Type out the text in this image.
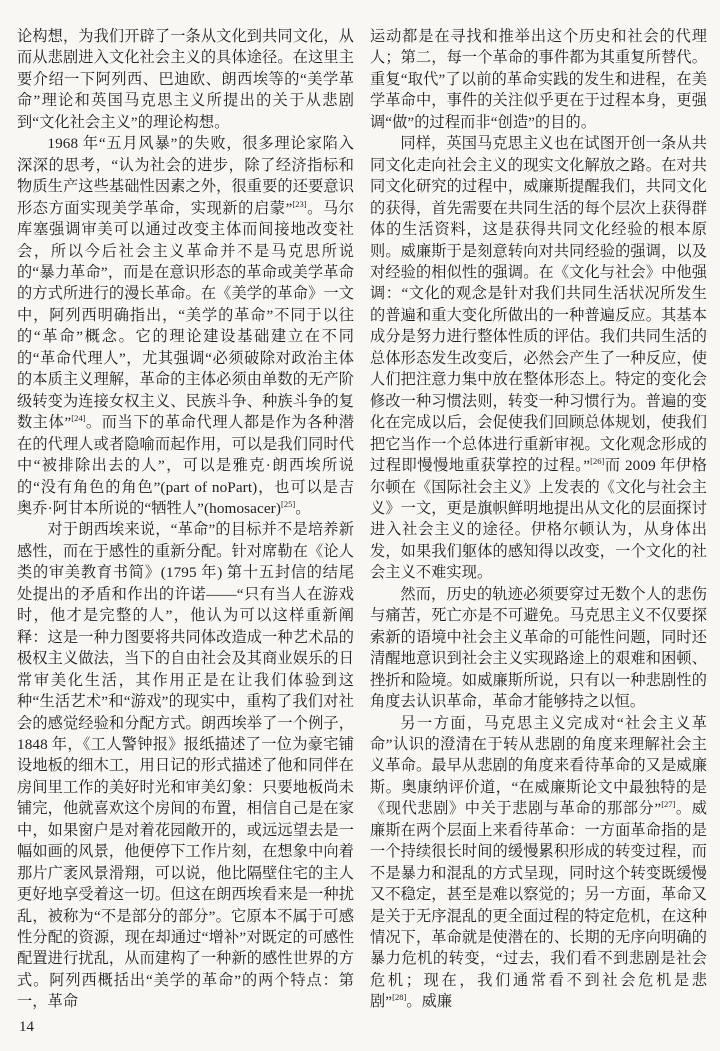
论构想，为我们开辟了一条从文化到共同文化，从而从悲剧进入文化社会主义的具体途径。在这里主要介绍一下阿列西、巴迪欧、朗西埃等的“美学革命”理论和英国马克思主义所提出的关于从悲剧到“文化社会主义”的理论构想。

1968 年“五月风暴”的失败，很多理论家陷入深深的思考，“认为社会的进步，除了经济指标和物质生产这些基础性因素之外，很重要的还要意识形态方面实现美学革命，实现新的启蒙”[23]。马尔库塞强调审美可以通过改变主体而间接地改变社会，所以今后社会主义革命并不是马克思所说的“暴力革命”，而是在意识形态的革命或美学革命的方式所进行的漫长革命。在《美学的革命》一文中，阿列西明确指出，“美学的革命”不同于以往的“革命”概念。它的理论建设基础建立在不同的“革命代理人”，尤其强调“必须破除对政治主体的本质主义理解，革命的主体必须由单数的无产阶级转变为连接女权主义、民族斗争、种族斗争的复数主体”[24]。而当下的革命代理人都是作为各种潜在的代理人或者隐喻而起作用，可以是我们同时代中“被排除出去的人”，可以是雅克·朗西埃所说的“没有角色的角色”(part of noPart)，也可以是吉奥乔·阿甘本所说的“牺牲人”(homosacer)[25]。

对于朗西埃来说，“革命”的目标并不是培养新感性，而在于感性的重新分配。针对席勒在《论人类的审美教育书简》(1795 年) 第十五封信的结尾处提出的矛盾和作出的许诺——“只有当人在游戏时，他才是完整的人”，他认为可以这样重新阐释：这是一种力图要将共同体改造成一种艺术品的极权主义做法，当下的自由社会及其商业娱乐的日常审美化生活，其作用正是在让我们体验到这种“生活艺术”和“游戏”的现实中，重构了我们对社会的感觉经验和分配方式。朗西埃举了一个例子，1848 年，《工人警钟报》报纸描述了一位为豪宅铺设地板的细木工，用日记的形式描述了他和同伴在房间里工作的美好时光和审美幻象：只要地板尚未铺完，他就喜欢这个房间的布置，相信自己是在家中，如果窗户是对着花园敞开的，或远远望去是一幅如画的风景，他便停下工作片刻，在想象中向着那片广袤风景滑翔，可以说，他比隔壁住宅的主人更好地享受着这一切。但这在朗西埃看来是一种扰乱，被称为“不是部分的部分”。它原本不属于可感性分配的资源，现在却通过“增补”对既定的可感性配置进行扰乱，从而建构了一种新的感性世界的方式。阿列西概括出“美学的革命”的两个特点：第一，革命

运动都是在寻找和推举出这个历史和社会的代理人；第二，每一个革命的事件都为其重复所替代。重复“取代”了以前的革命实践的发生和进程，在美学革命中，事件的关注似乎更在于过程本身，更强调“做”的过程而非“创造”的目的。

同样，英国马克思主义也在试图开创一条从共同文化走向社会主义的现实文化解放之路。在对共同文化研究的过程中，威廉斯提醒我们，共同文化的获得，首先需要在共同生活的每个层次上获得群体的生活资料，这是获得共同文化经验的根本原则。威廉斯于是刻意转向对共同经验的强调，以及对经验的相似性的强调。在《文化与社会》中他强调：“文化的观念是针对我们共同生活状况所发生的普遍和重大变化所做出的一种普遍反应。其基本成分是努力进行整体性质的评估。我们共同生活的总体形态发生改变后，必然会产生了一种反应，使人们把注意力集中放在整体形态上。特定的变化会修改一种习惯法则，转变一种习惯行为。普遍的变化在完成以后，会促使我们回顾总体规划，使我们把它当作一个总体进行重新审视。文化观念形成的过程即慢慢地重获掌控的过程。”[26]而 2009 年伊格尔顿在《国际社会主义》上发表的《文化与社会主义》一文，更是旗帜鲜明地提出从文化的层面探讨进入社会主义的途径。伊格尔顿认为，从身体出发，如果我们躯体的感知得以改变，一个文化的社会主义不难实现。

然而，历史的轨迹必须要穿过无数个人的悲伤与痛苦，死亡亦是不可避免。马克思主义不仅要探索新的语境中社会主义革命的可能性问题，同时还清醒地意识到社会主义实现路途上的艰难和困顿、挫折和险境。如威廉斯所说，只有以一种悲剧性的角度去认识革命，革命才能够持之以恒。

另一方面，马克思主义完成对“社会主义革命”认识的澄清在于转从悲剧的角度来理解社会主义革命。最早从悲剧的角度来看待革命的又是威廉斯。奥康纳评价道，“在威廉斯论文中最独特的是《现代悲剧》中关于悲剧与革命的那部分”[27]。威廉斯在两个层面上来看待革命：一方面革命指的是一个持续很长时间的缓慢累积形成的转变过程，而不是暴力和混乱的方式呈现，同时这个转变既缓慢又不稳定，甚至是难以察觉的；另一方面，革命又是关于无序混乱的更全面过程的特定危机，在这种情况下，革命就是使潜在的、长期的无序向明确的暴力危机的转变，“过去，我们看不到悲剧是社会危机；现在，我们通常看不到社会危机是悲剧”[28]。威廉

14
